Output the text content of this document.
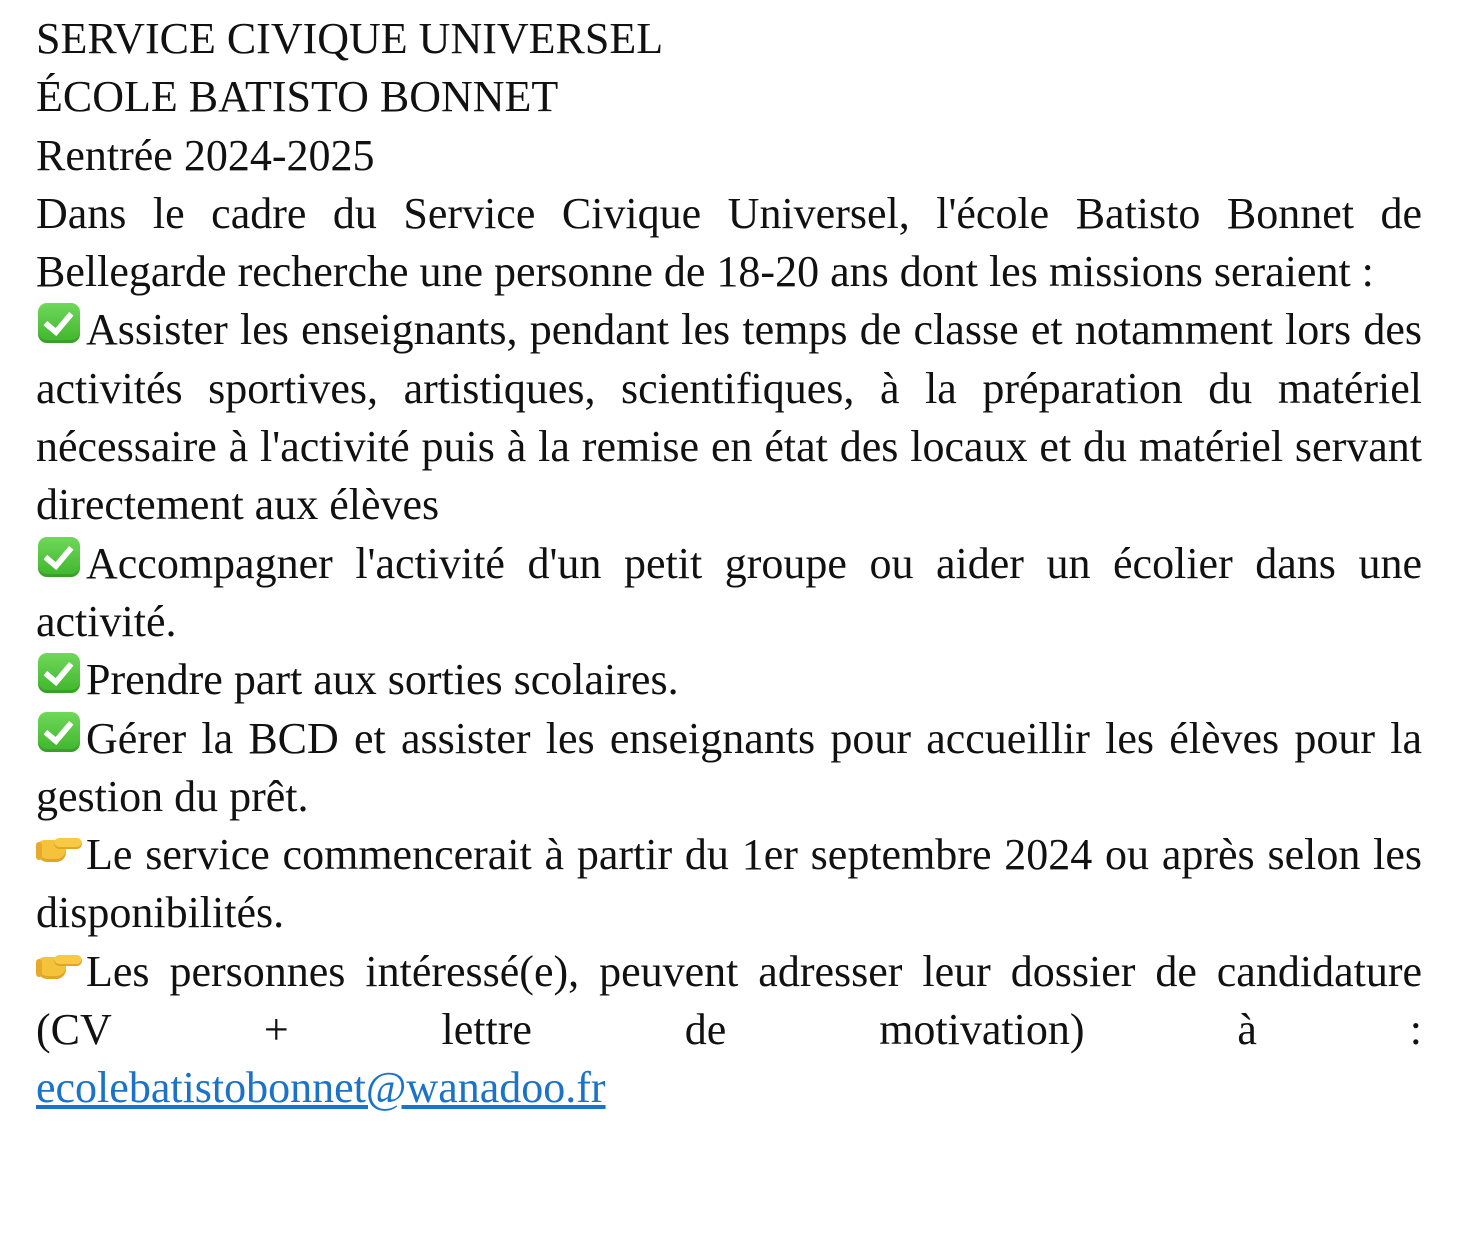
SERVICE CIVIQUE UNIVERSEL
ÉCOLE BATISTO BONNET
Rentrée 2024-2025
Dans le cadre du Service Civique Universel, l'école Batisto Bonnet de Bellegarde recherche une personne de 18-20 ans dont les missions seraient :
Assister les enseignants, pendant les temps de classe et notamment lors des activités sportives, artistiques, scientifiques, à la préparation du matériel nécessaire à l'activité puis à la remise en état des locaux et du matériel servant directement aux élèves
Accompagner l'activité d'un petit groupe ou aider un écolier dans une activité.
Prendre part aux sorties scolaires.
Gérer la BCD et assister les enseignants pour accueillir les élèves pour la gestion du prêt.
Le service commencerait à partir du 1er septembre 2024 ou après selon les disponibilités.
Les personnes intéressé(e), peuvent adresser leur dossier de candidature (CV + lettre de motivation) à :
ecolebatistobonnet@wanadoo.fr
